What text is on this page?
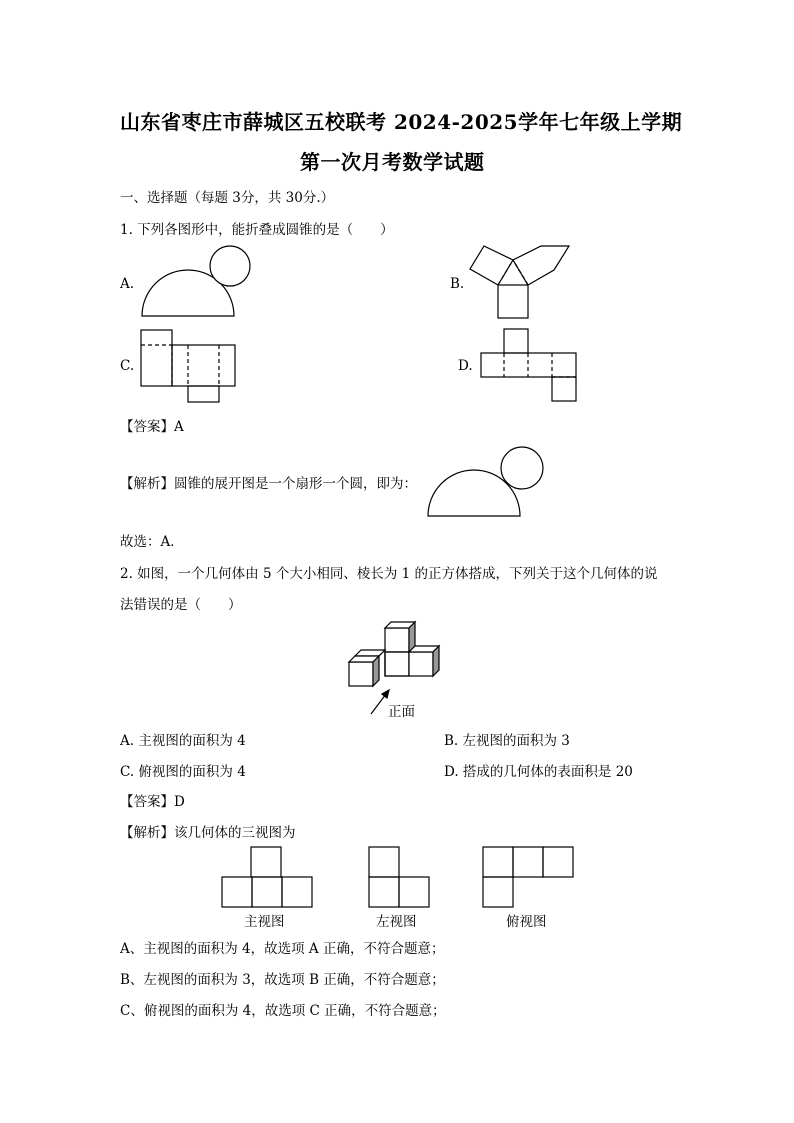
山东省枣庄市薛城区五校联考 2024-2025学年七年级上学期
第一次月考数学试题
一、选择题（每题 3分，共 30分.）
1. 下列各图形中，能折叠成圆锥的是（　　）
A.	B.
C.	D.
【答案】A
【解析】圆锥的展开图是一个扇形一个圆，即为：
故选：A．
2. 如图，一个几何体由 5 个大小相同、棱长为 1 的正方体搭成，下列关于这个几何体的说
法错误的是（　　）
正面
A. 主视图的面积为 4	B. 左视图的面积为 3
C. 俯视图的面积为 4	D. 搭成的几何体的表面积是 20
【答案】D
【解析】该几何体的三视图为
主视图	左视图	俯视图
A、主视图的面积为 4，故选项 A 正确，不符合题意；
B、左视图的面积为 3，故选项 B 正确，不符合题意；
C、俯视图的面积为 4，故选项 C 正确，不符合题意；
